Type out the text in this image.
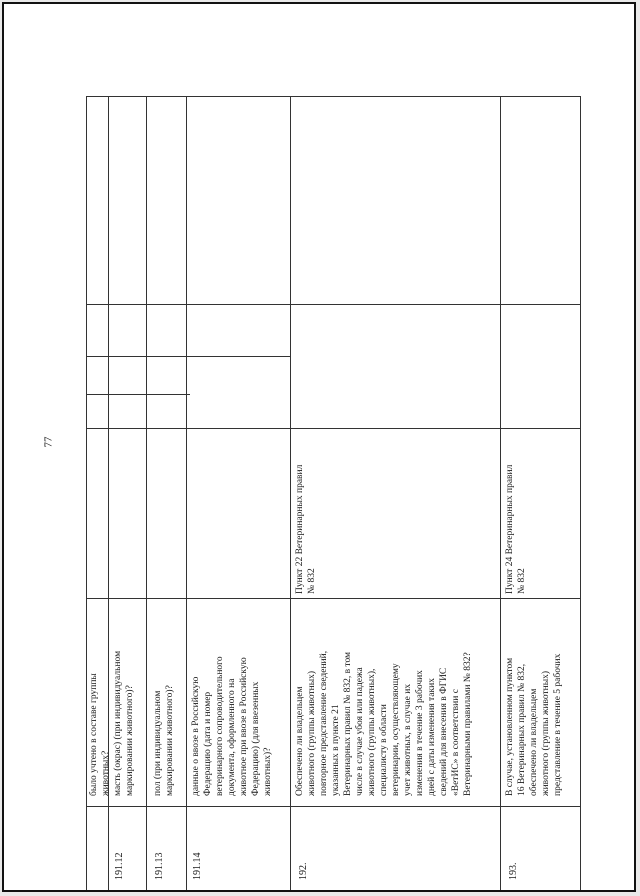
77
было учтено в составе группы
животных?
191.12
масть (окрас) (при индивидуальном
маркировании животного)?
191.13
пол (при индивидуальном
маркировании животного)?
191.14
данные о ввозе в Российскую
Федерацию (дата и номер
ветеринарного сопроводительного
документа, оформленного на
животное при ввозе в Российскую
Федерацию) (для ввезенных
животных)?
192.
Обеспечено ли владельцем
животного (группы животных)
повторное представление сведений,
указанных в пункте 21
Ветеринарных правил № 832, в том
числе в случае убоя или падежа
животного (группы животных),
специалисту в области
ветеринарии, осуществляющему
учет животных, в случае их
изменения в течение 3 рабочих
дней с даты изменения таких
сведений для внесения в ФГИС
«ВетИС» в соответствии с
Ветеринарными правилами № 832?
Пункт 22 Ветеринарных правил
№ 832
193.
В случае, установленном пунктом
16 Ветеринарных правил № 832,
обеспечено ли владельцем
животного (группы животных)
представление в течение 5 рабочих
Пункт 24 Ветеринарных правил
№ 832
